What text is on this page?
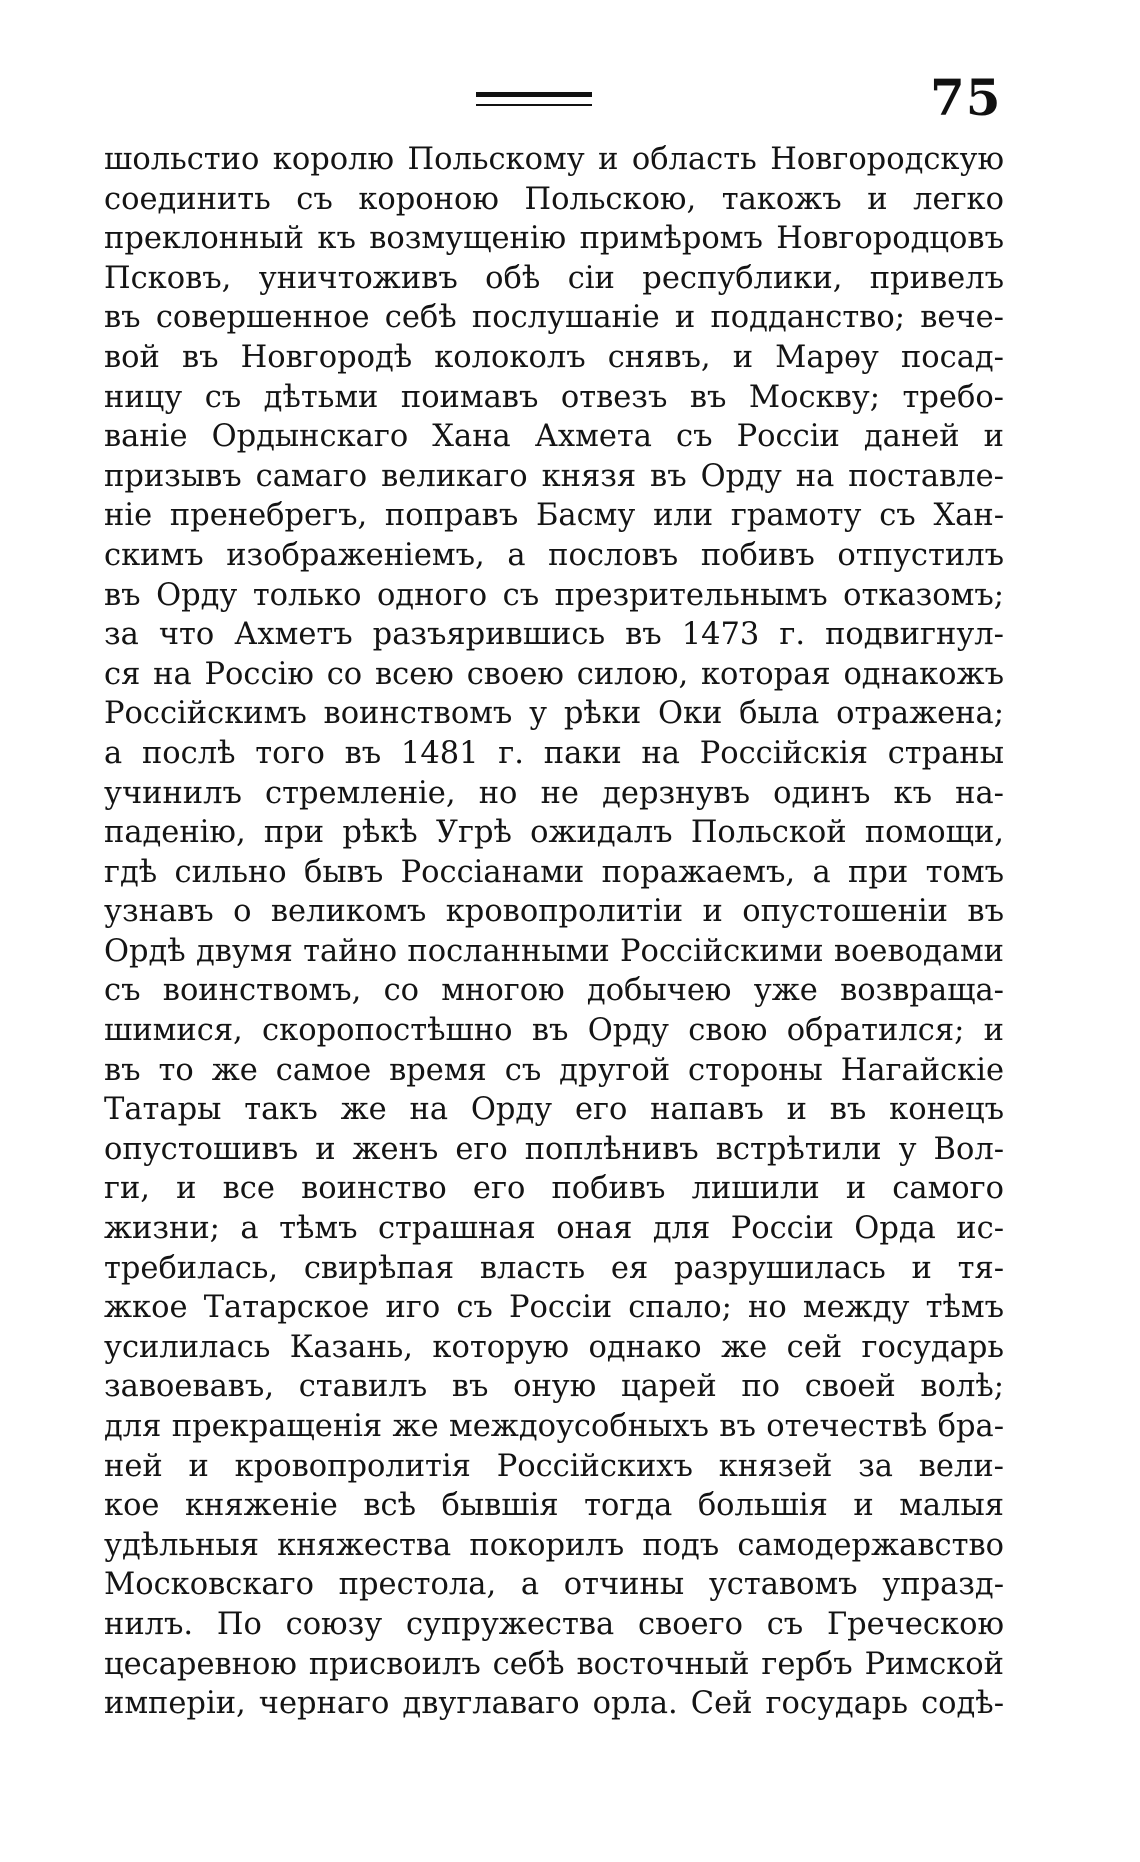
75
шольстио королю Польскому и область Новгородскую
соединить съ короною Польскою, такожъ и легко
преклонный къ возмущенію примѣромъ Новгородцовъ
Псковъ, уничтоживъ обѣ сіи республики, привелъ
въ совершенное себѣ послушаніе и подданство; вече-
вой въ Новгородѣ колоколъ снявъ, и Марѳу посад-
ницу съ дѣтьми поимавъ отвезъ въ Москву; требо-
ваніе Ордынскаго Хана Ахмета съ Россіи даней и
призывъ самаго великаго князя въ Орду на поставле-
ніе пренебрегъ, поправъ Басму или грамоту съ Хан-
скимъ изображеніемъ, а пословъ побивъ отпустилъ
въ Орду только одного съ презрительнымъ отказомъ;
за что Ахметъ разъярившись въ 1473 г. подвигнул-
ся на Россію со всею своею силою, которая однакожъ
Россійскимъ воинствомъ у рѣки Оки была отражена;
а послѣ того въ 1481 г. паки на Россійскія страны
учинилъ стремленіе, но не дерзнувъ одинъ къ на-
паденію, при рѣкѣ Угрѣ ожидалъ Польской помощи,
гдѣ сильно бывъ Россіанами поражаемъ, а при томъ
узнавъ о великомъ кровопролитіи и опустошеніи въ
Ордѣ двумя тайно посланными Россійскими воеводами
съ воинствомъ, со многою добычею уже возвраща-
шимися, скоропостѣшно въ Орду свою обратился; и
въ то же самое время съ другой стороны Нагайскіе
Татары такъ же на Орду его напавъ и въ конецъ
опустошивъ и женъ его поплѣнивъ встрѣтили у Вол-
ги, и все воинство его побивъ лишили и самого
жизни; а тѣмъ страшная оная для Россіи Орда ис-
требилась, свирѣпая власть ея разрушилась и тя-
жкое Татарское иго съ Россіи спало; но между тѣмъ
усилилась Казань, которую однако же сей государь
завоевавъ, ставилъ въ оную царей по своей волѣ;
для прекращенія же междоусобныхъ въ отечествѣ бра-
ней и кровопролитія Россійскихъ князей за вели-
кое княженіе всѣ бывшія тогда большія и малыя
удѣльныя княжества покорилъ подъ самодержавство
Московскаго престола, а отчины уставомъ упразд-
нилъ. По союзу супружества своего съ Греческою
цесаревною присвоилъ себѣ восточный гербъ Римской
имперіи, чернаго двуглаваго орла. Сей государь содѣ-
